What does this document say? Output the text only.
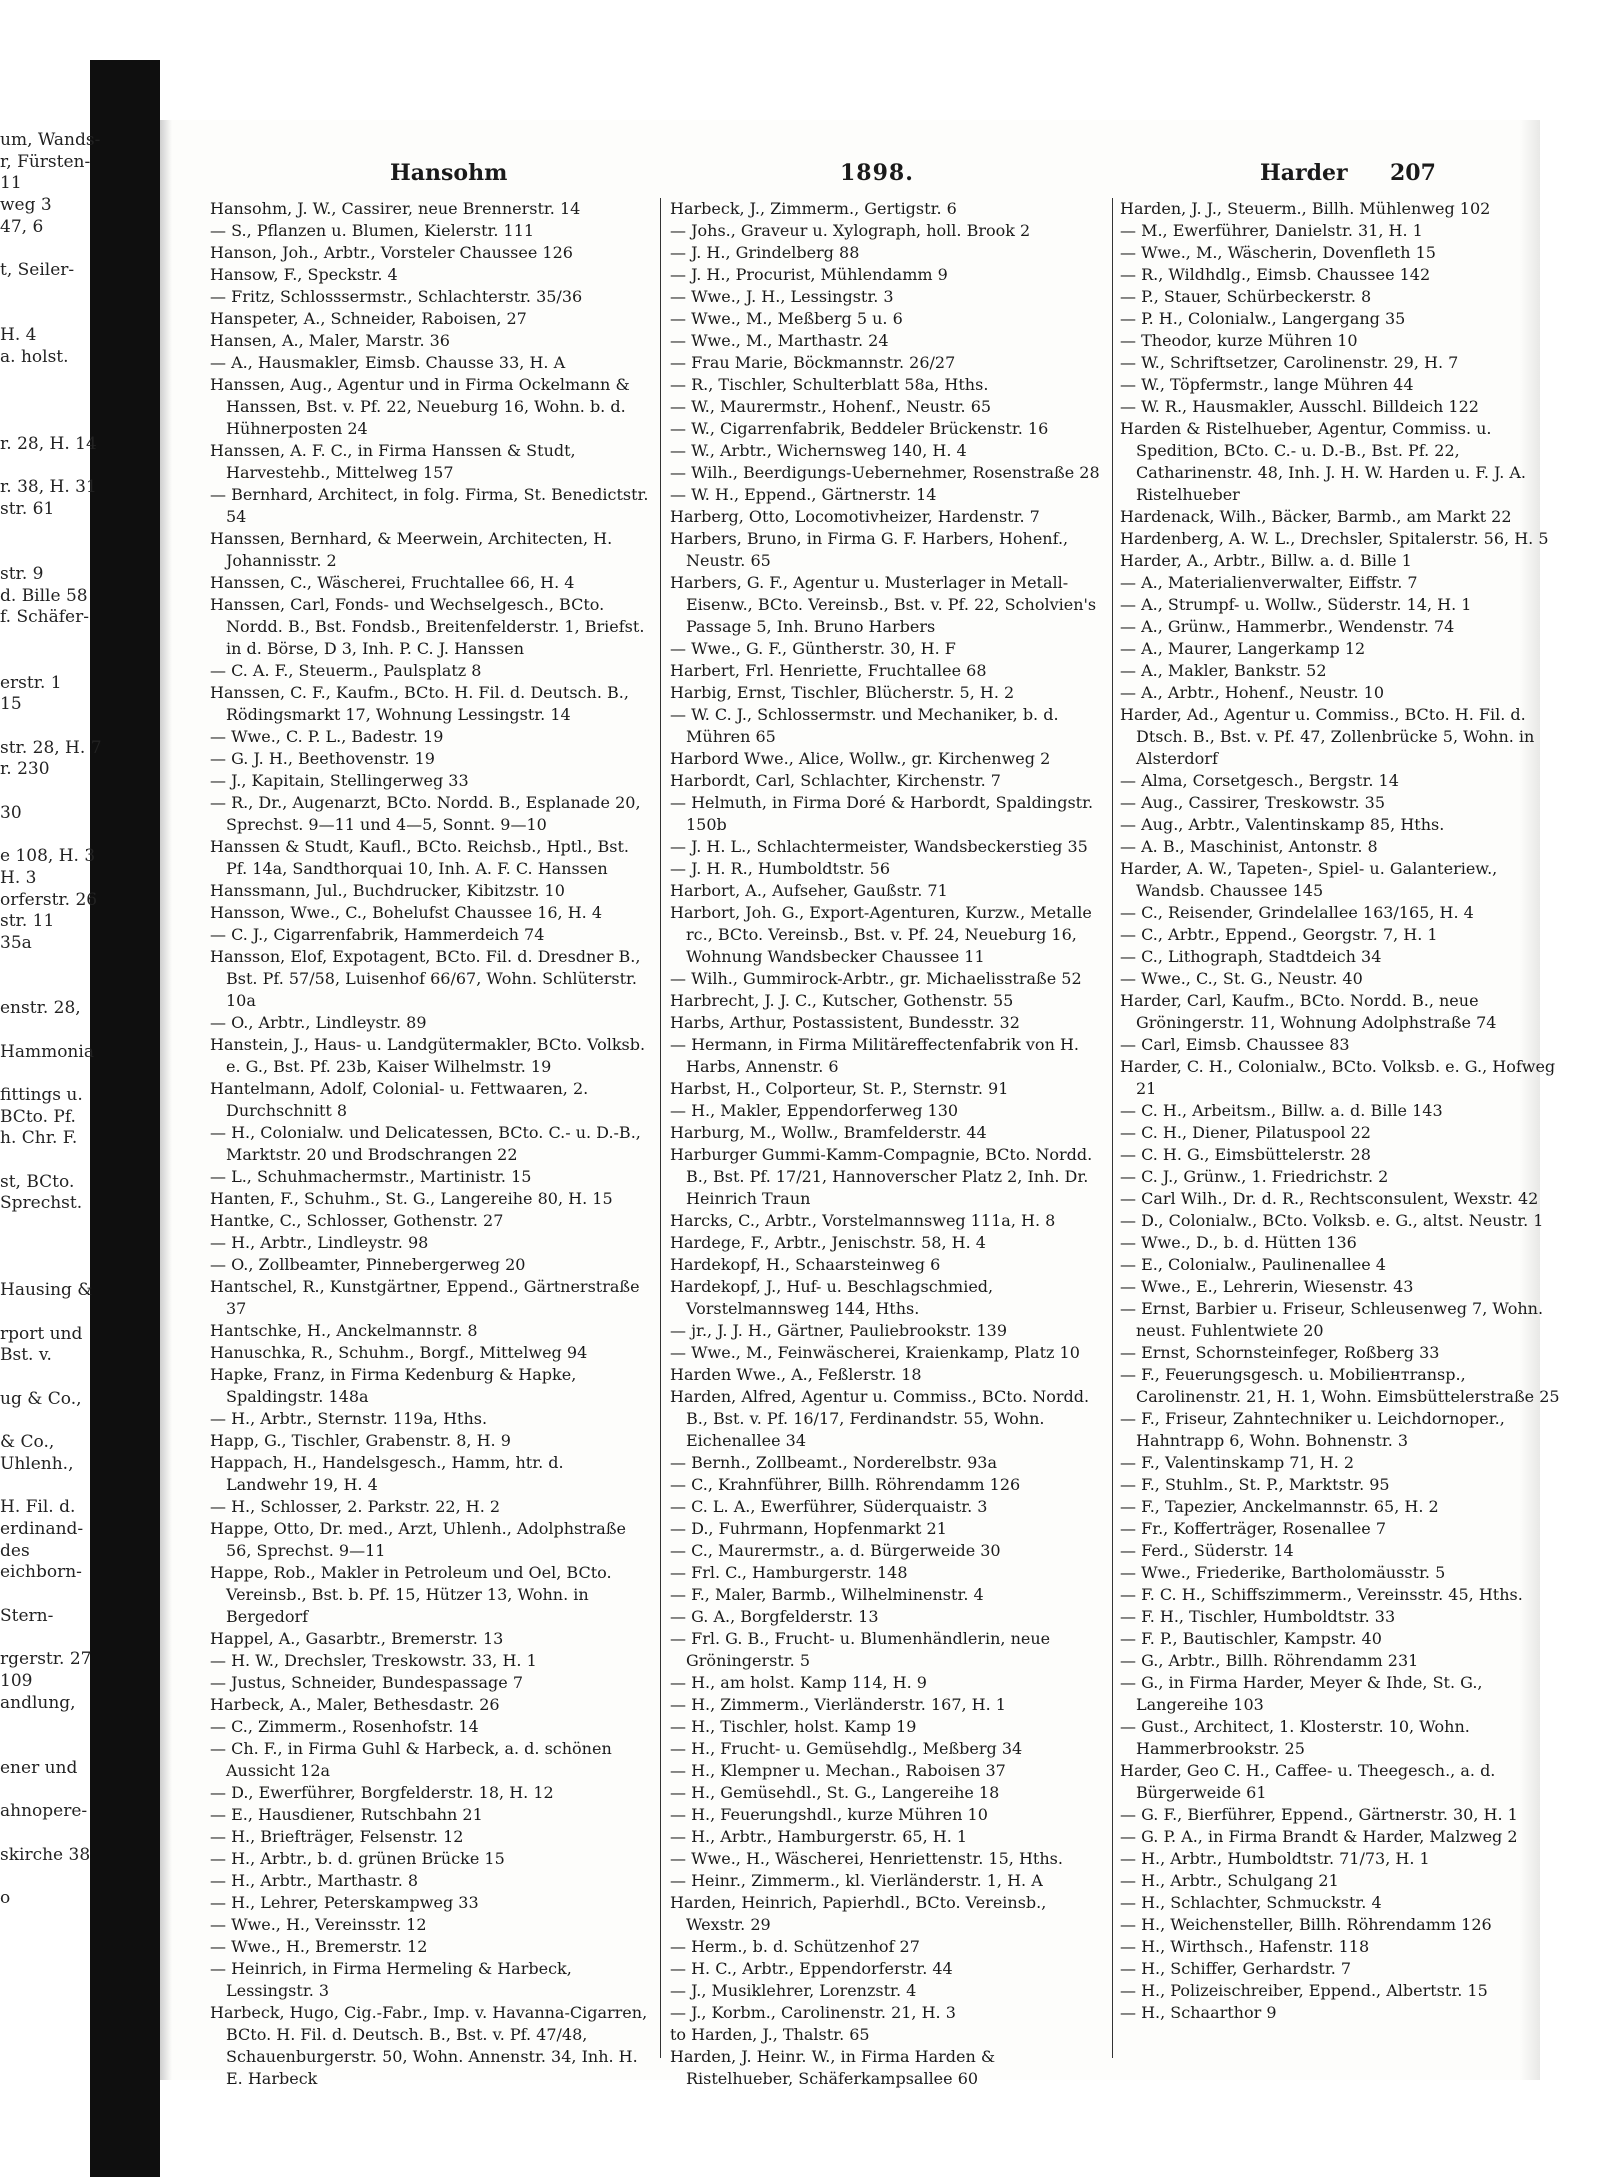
um, Wands-
r, Fürsten-
11
weg 3
47, 6

t, Seiler-

H. 4
a. holst.

r. 28, H. 14

r. 38, H. 31
str. 61

str. 9
d. Bille 58
f. Schäfer-

erstr. 1
15

str. 28, H. 7
r. 230

30

e 108, H. 3
H. 3
orferstr. 26
str. 11
35a

enstr. 28,

Hammonia

fittings u.
BCto. Pf.
h. Chr. F.

st, BCto.
Sprechst.

Hausing &

rport und
Bst. v.

ug & Co.,

& Co.,
Uhlenh.,

H. Fil. d.
erdinand-
des
eichborn-

Stern-

rgerstr. 27
109
andlung,

ener und

ahnopere-

skirche 38

o
Hansohm	1898.	Harder 207
Hansohm, J. W., Cassirer, neue Brennerstr. 14
— S., Pflanzen u. Blumen, Kielerstr. 111
Hanson, Joh., Arbtr., Vorsteler Chaussee 126
Hansow, F., Speckstr. 4
— Fritz, Schlosssermstr., Schlachterstr. 35/36
Hanspeter, A., Schneider, Raboisen, 27
Hansen, A., Maler, Marstr. 36
— A., Hausmakler, Eimsb. Chausse 33, H. A
Hanssen, Aug., Agentur und in Firma Ockelmann & Hanssen, Bst. v. Pf. 22, Neueburg 16, Wohn. b. d. Hühnerposten 24
Hanssen, A. F. C., in Firma Hanssen & Studt, Harvestehb., Mittelweg 157
— Bernhard, Architect, in folg. Firma, St. Benedictstr. 54
Hanssen, Bernhard, & Meerwein, Architecten, H. Johannisstr. 2
Hanssen, C., Wäscherei, Fruchtallee 66, H. 4
Hanssen, Carl, Fonds- und Wechselgesch., BCto. Nordd. B., Bst. Fondsb., Breitenfelderstr. 1, Briefst. in d. Börse, D 3, Inh. P. C. J. Hanssen
— C. A. F., Steuerm., Paulsplatz 8
Hanssen, C. F., Kaufm., BCto. H. Fil. d. Deutsch. B., Rödingsmarkt 17, Wohnung Lessingstr. 14
— Wwe., C. P. L., Badestr. 19
— G. J. H., Beethovenstr. 19
— J., Kapitain, Stellingerweg 33
— R., Dr., Augenarzt, BCto. Nordd. B., Esplanade 20, Sprechst. 9—11 und 4—5, Sonnt. 9—10
Hanssen & Studt, Kaufl., BCto. Reichsb., Hptl., Bst. Pf. 14a, Sandthorquai 10, Inh. A. F. C. Hanssen
Hanssmann, Jul., Buchdrucker, Kibitzstr. 10
Hansson, Wwe., C., Bohelufst Chaussee 16, H. 4
— C. J., Cigarrenfabrik, Hammerdeich 74
Hansson, Elof, Expotagent, BCto. Fil. d. Dresdner B., Bst. Pf. 57/58, Luisenhof 66/67, Wohn. Schlüterstr. 10a
— O., Arbtr., Lindleystr. 89
Hanstein, J., Haus- u. Landgütermakler, BCto. Volksb. e. G., Bst. Pf. 23b, Kaiser Wilhelmstr. 19
Hantelmann, Adolf, Colonial- u. Fettwaaren, 2. Durchschnitt 8
— H., Colonialw. und Delicatessen, BCto. C.- u. D.-B., Marktstr. 20 und Brodschrangen 22
— L., Schuhmachermstr., Martinistr. 15
Hanten, F., Schuhm., St. G., Langereihe 80, H. 15
Hantke, C., Schlosser, Gothenstr. 27
— H., Arbtr., Lindleystr. 98
— O., Zollbeamter, Pinnebergerweg 20
Hantschel, R., Kunstgärtner, Eppend., Gärtnerstraße 37
Hantschke, H., Anckelmannstr. 8
Hanuschka, R., Schuhm., Borgf., Mittelweg 94
Hapke, Franz, in Firma Kedenburg & Hapke, Spaldingstr. 148a
— H., Arbtr., Sternstr. 119a, Hths.
Happ, G., Tischler, Grabenstr. 8, H. 9
Happach, H., Handelsgesch., Hamm, htr. d. Landwehr 19, H. 4
— H., Schlosser, 2. Parkstr. 22, H. 2
Happe, Otto, Dr. med., Arzt, Uhlenh., Adolphstraße 56, Sprechst. 9—11
Happe, Rob., Makler in Petroleum und Oel, BCto. Vereinsb., Bst. b. Pf. 15, Hützer 13, Wohn. in Bergedorf
Happel, A., Gasarbtr., Bremerstr. 13
— H. W., Drechsler, Treskowstr. 33, H. 1
— Justus, Schneider, Bundespassage 7
Harbeck, A., Maler, Bethesdastr. 26
— C., Zimmerm., Rosenhofstr. 14
— Ch. F., in Firma Guhl & Harbeck, a. d. schönen Aussicht 12a
— D., Ewerführer, Borgfelderstr. 18, H. 12
— E., Hausdiener, Rutschbahn 21
— H., Briefträger, Felsenstr. 12
— H., Arbtr., b. d. grünen Brücke 15
— H., Arbtr., Marthastr. 8
— H., Lehrer, Peterskampweg 33
— Wwe., H., Vereinsstr. 12
— Wwe., H., Bremerstr. 12
— Heinrich, in Firma Hermeling & Harbeck, Lessingstr. 3
Harbeck, Hugo, Cig.-Fabr., Imp. v. Havanna-Cigarren, BCto. H. Fil. d. Deutsch. B., Bst. v. Pf. 47/48, Schauenburgerstr. 50, Wohn. Annenstr. 34, Inh. H. E. Harbeck
Harbeck, J., Zimmerm., Gertigstr. 6
— Johs., Graveur u. Xylograph, holl. Brook 2
— J. H., Grindelberg 88
— J. H., Procurist, Mühlendamm 9
— Wwe., J. H., Lessingstr. 3
— Wwe., M., Meßberg 5 u. 6
— Wwe., M., Marthastr. 24
— Frau Marie, Böckmannstr. 26/27
— R., Tischler, Schulterblatt 58a, Hths.
— W., Maurermstr., Hohenf., Neustr. 65
— W., Cigarrenfabrik, Beddeler Brückenstr. 16
— W., Arbtr., Wichernsweg 140, H. 4
— Wilh., Beerdigungs-Uebernehmer, Rosenstraße 28
— W. H., Eppend., Gärtnerstr. 14
Harberg, Otto, Locomotivheizer, Hardenstr. 7
Harbers, Bruno, in Firma G. F. Harbers, Hohenf., Neustr. 65
Harbers, G. F., Agentur u. Musterlager in Metall-Eisenw., BCto. Vereinsb., Bst. v. Pf. 22, Scholvien's Passage 5, Inh. Bruno Harbers
— Wwe., G. F., Güntherstr. 30, H. F
Harbert, Frl. Henriette, Fruchtallee 68
Harbig, Ernst, Tischler, Blücherstr. 5, H. 2
— W. C. J., Schlossermstr. und Mechaniker, b. d. Mühren 65
Harbord Wwe., Alice, Wollw., gr. Kirchenweg 2
Harbordt, Carl, Schlachter, Kirchenstr. 7
— Helmuth, in Firma Doré & Harbordt, Spaldingstr. 150b
— J. H. L., Schlachtermeister, Wandsbeckerstieg 35
— J. H. R., Humboldtstr. 56
Harbort, A., Aufseher, Gaußstr. 71
Harbort, Joh. G., Export-Agenturen, Kurzw., Metalle rc., BCto. Vereinsb., Bst. v. Pf. 24, Neueburg 16, Wohnung Wandsbecker Chaussee 11
— Wilh., Gummirock-Arbtr., gr. Michaelisstraße 52
Harbrecht, J. J. C., Kutscher, Gothenstr. 55
Harbs, Arthur, Postassistent, Bundesstr. 32
— Hermann, in Firma Militäreffectenfabrik von H. Harbs, Annenstr. 6
Harbst, H., Colporteur, St. P., Sternstr. 91
— H., Makler, Eppendorferweg 130
Harburg, M., Wollw., Bramfelderstr. 44
Harburger Gummi-Kamm-Compagnie, BCto. Nordd. B., Bst. Pf. 17/21, Hannoverscher Platz 2, Inh. Dr. Heinrich Traun
Harcks, C., Arbtr., Vorstelmannsweg 111a, H. 8
Hardege, F., Arbtr., Jenischstr. 58, H. 4
Hardekopf, H., Schaarsteinweg 6
Hardekopf, J., Huf- u. Beschlagschmied, Vorstelmannsweg 144, Hths.
— jr., J. J. H., Gärtner, Pauliebrookstr. 139
— Wwe., M., Feinwäscherei, Kraienkamp, Platz 10
Harden Wwe., A., Feßlerstr. 18
Harden, Alfred, Agentur u. Commiss., BCto. Nordd. B., Bst. v. Pf. 16/17, Ferdinandstr. 55, Wohn. Eichenallee 34
— Bernh., Zollbeamt., Norderelbstr. 93a
— C., Krahnführer, Billh. Röhrendamm 126
— C. L. A., Ewerführer, Süderquaistr. 3
— D., Fuhrmann, Hopfenmarkt 21
— C., Maurermstr., a. d. Bürgerweide 30
— Frl. C., Hamburgerstr. 148
— F., Maler, Barmb., Wilhelminenstr. 4
— G. A., Borgfelderstr. 13
— Frl. G. B., Frucht- u. Blumenhändlerin, neue Gröningerstr. 5
— H., am holst. Kamp 114, H. 9
— H., Zimmerm., Vierländerstr. 167, H. 1
— H., Tischler, holst. Kamp 19
— H., Frucht- u. Gemüsehdlg., Meßberg 34
— H., Klempner u. Mechan., Raboisen 37
— H., Gemüsehdl., St. G., Langereihe 18
— H., Feuerungshdl., kurze Mühren 10
— H., Arbtr., Hamburgerstr. 65, H. 1
— Wwe., H., Wäscherei, Henriettenstr. 15, Hths.
— Heinr., Zimmerm., kl. Vierländerstr. 1, H. A
Harden, Heinrich, Papierhdl., BCto. Vereinsb., Wexstr. 29
— Herm., b. d. Schützenhof 27
— H. C., Arbtr., Eppendorferstr. 44
— J., Musiklehrer, Lorenzstr. 4
— J., Korbm., Carolinenstr. 21, H. 3
to Harden, J., Thalstr. 65
Harden, J. Heinr. W., in Firma Harden & Ristelhueber, Schäferkampsallee 60
Harden, J. J., Steuerm., Billh. Mühlenweg 102
— M., Ewerführer, Danielstr. 31, H. 1
— Wwe., M., Wäscherin, Dovenfleth 15
— R., Wildhdlg., Eimsb. Chaussee 142
— P., Stauer, Schürbeckerstr. 8
— P. H., Colonialw., Langergang 35
— Theodor, kurze Mühren 10
— W., Schriftsetzer, Carolinenstr. 29, H. 7
— W., Töpfermstr., lange Mühren 44
— W. R., Hausmakler, Ausschl. Billdeich 122
Harden & Ristelhueber, Agentur, Commiss. u. Spedition, BCto. C.- u. D.-B., Bst. Pf. 22, Catharinenstr. 48, Inh. J. H. W. Harden u. F. J. A. Ristelhueber
Hardenack, Wilh., Bäcker, Barmb., am Markt 22
Hardenberg, A. W. L., Drechsler, Spitalerstr. 56, H. 5
Harder, A., Arbtr., Billw. a. d. Bille 1
— A., Materialienverwalter, Eiffstr. 7
— A., Strumpf- u. Wollw., Süderstr. 14, H. 1
— A., Grünw., Hammerbr., Wendenstr. 74
— A., Maurer, Langerkamp 12
— A., Makler, Bankstr. 52
— A., Arbtr., Hohenf., Neustr. 10
Harder, Ad., Agentur u. Commiss., BCto. H. Fil. d. Dtsch. B., Bst. v. Pf. 47, Zollenbrücke 5, Wohn. in Alsterdorf
— Alma, Corsetgesch., Bergstr. 14
— Aug., Cassirer, Treskowstr. 35
— Aug., Arbtr., Valentinskamp 85, Hths.
— A. B., Maschinist, Antonstr. 8
Harder, A. W., Tapeten-, Spiel- u. Galanteriew., Wandsb. Chaussee 145
— C., Reisender, Grindelallee 163/165, H. 4
— C., Arbtr., Eppend., Georgstr. 7, H. 1
— C., Lithograph, Stadtdeich 34
— Wwe., C., St. G., Neustr. 40
Harder, Carl, Kaufm., BCto. Nordd. B., neue Gröningerstr. 11, Wohnung Adolphstraße 74
— Carl, Eimsb. Chaussee 83
Harder, C. H., Colonialw., BCto. Volksb. e. G., Hofweg 21
— C. H., Arbeitsm., Billw. a. d. Bille 143
— C. H., Diener, Pilatuspool 22
— C. H. G., Eimsbüttelerstr. 28
— C. J., Grünw., 1. Friedrichstr. 2
— Carl Wilh., Dr. d. R., Rechtsconsulent, Wexstr. 42
— D., Colonialw., BCto. Volksb. e. G., altst. Neustr. 1
— Wwe., D., b. d. Hütten 136
— E., Colonialw., Paulinenallee 4
— Wwe., E., Lehrerin, Wiesenstr. 43
— Ernst, Barbier u. Friseur, Schleusenweg 7, Wohn. neust. Fuhlentwiete 20
— Ernst, Schornsteinfeger, Roßberg 33
— F., Feuerungsgesch. u. Mobiliентransp., Carolinenstr. 21, H. 1, Wohn. Eimsbüttelerstraße 25
— F., Friseur, Zahntechniker u. Leichdornoper., Hahntrapp 6, Wohn. Bohnenstr. 3
— F., Valentinskamp 71, H. 2
— F., Stuhlm., St. P., Marktstr. 95
— F., Tapezier, Anckelmannstr. 65, H. 2
— Fr., Kofferträger, Rosenallee 7
— Ferd., Süderstr. 14
— Wwe., Friederike, Bartholomäusstr. 5
— F. C. H., Schiffszimmerm., Vereinsstr. 45, Hths.
— F. H., Tischler, Humboldtstr. 33
— F. P., Bautischler, Kampstr. 40
— G., Arbtr., Billh. Röhrendamm 231
— G., in Firma Harder, Meyer & Ihde, St. G., Langereihe 103
— Gust., Architect, 1. Klosterstr. 10, Wohn. Hammerbrookstr. 25
Harder, Geo C. H., Caffee- u. Theegesch., a. d. Bürgerweide 61
— G. F., Bierführer, Eppend., Gärtnerstr. 30, H. 1
— G. P. A., in Firma Brandt & Harder, Malzweg 2
— H., Arbtr., Humboldtstr. 71/73, H. 1
— H., Arbtr., Schulgang 21
— H., Schlachter, Schmuckstr. 4
— H., Weichensteller, Billh. Röhrendamm 126
— H., Wirthsch., Hafenstr. 118
— H., Schiffer, Gerhardstr. 7
— H., Polizeischreiber, Eppend., Albertstr. 15
— H., Schaarthor 9
